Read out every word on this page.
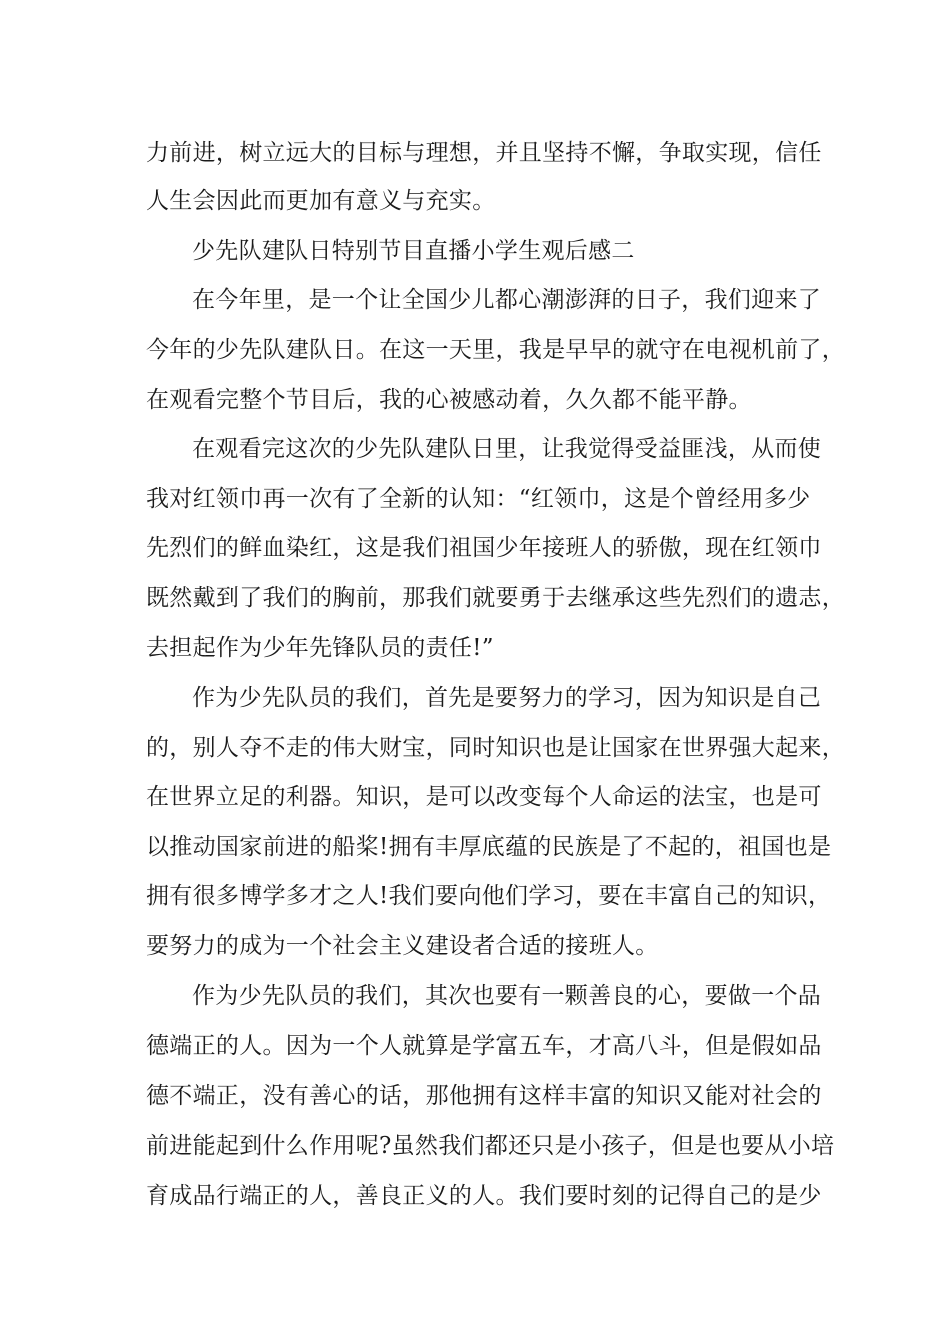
力前进，树立远大的目标与理想，并且坚持不懈，争取实现，信任
人生会因此而更加有意义与充实。
少先队建队日特别节目直播小学生观后感二
在今年里，是一个让全国少儿都心潮澎湃的日子，我们迎来了
今年的少先队建队日。在这一天里，我是早早的就守在电视机前了，
在观看完整个节目后，我的心被感动着，久久都不能平静。
在观看完这次的少先队建队日里，让我觉得受益匪浅，从而使
我对红领巾再一次有了全新的认知：“红领巾，这是个曾经用多少
先烈们的鲜血染红，这是我们祖国少年接班人的骄傲，现在红领巾
既然戴到了我们的胸前，那我们就要勇于去继承这些先烈们的遗志，
去担起作为少年先锋队员的责任!”
作为少先队员的我们，首先是要努力的学习，因为知识是自己
的，别人夺不走的伟大财宝，同时知识也是让国家在世界强大起来，
在世界立足的利器。知识，是可以改变每个人命运的法宝，也是可
以推动国家前进的船桨!拥有丰厚底蕴的民族是了不起的，祖国也是
拥有很多博学多才之人!我们要向他们学习，要在丰富自己的知识，
要努力的成为一个社会主义建设者合适的接班人。
作为少先队员的我们，其次也要有一颗善良的心，要做一个品
德端正的人。因为一个人就算是学富五车，才高八斗，但是假如品
德不端正，没有善心的话，那他拥有这样丰富的知识又能对社会的
前进能起到什么作用呢?虽然我们都还只是小孩子，但是也要从小培
育成品行端正的人，善良正义的人。我们要时刻的记得自己的是少
